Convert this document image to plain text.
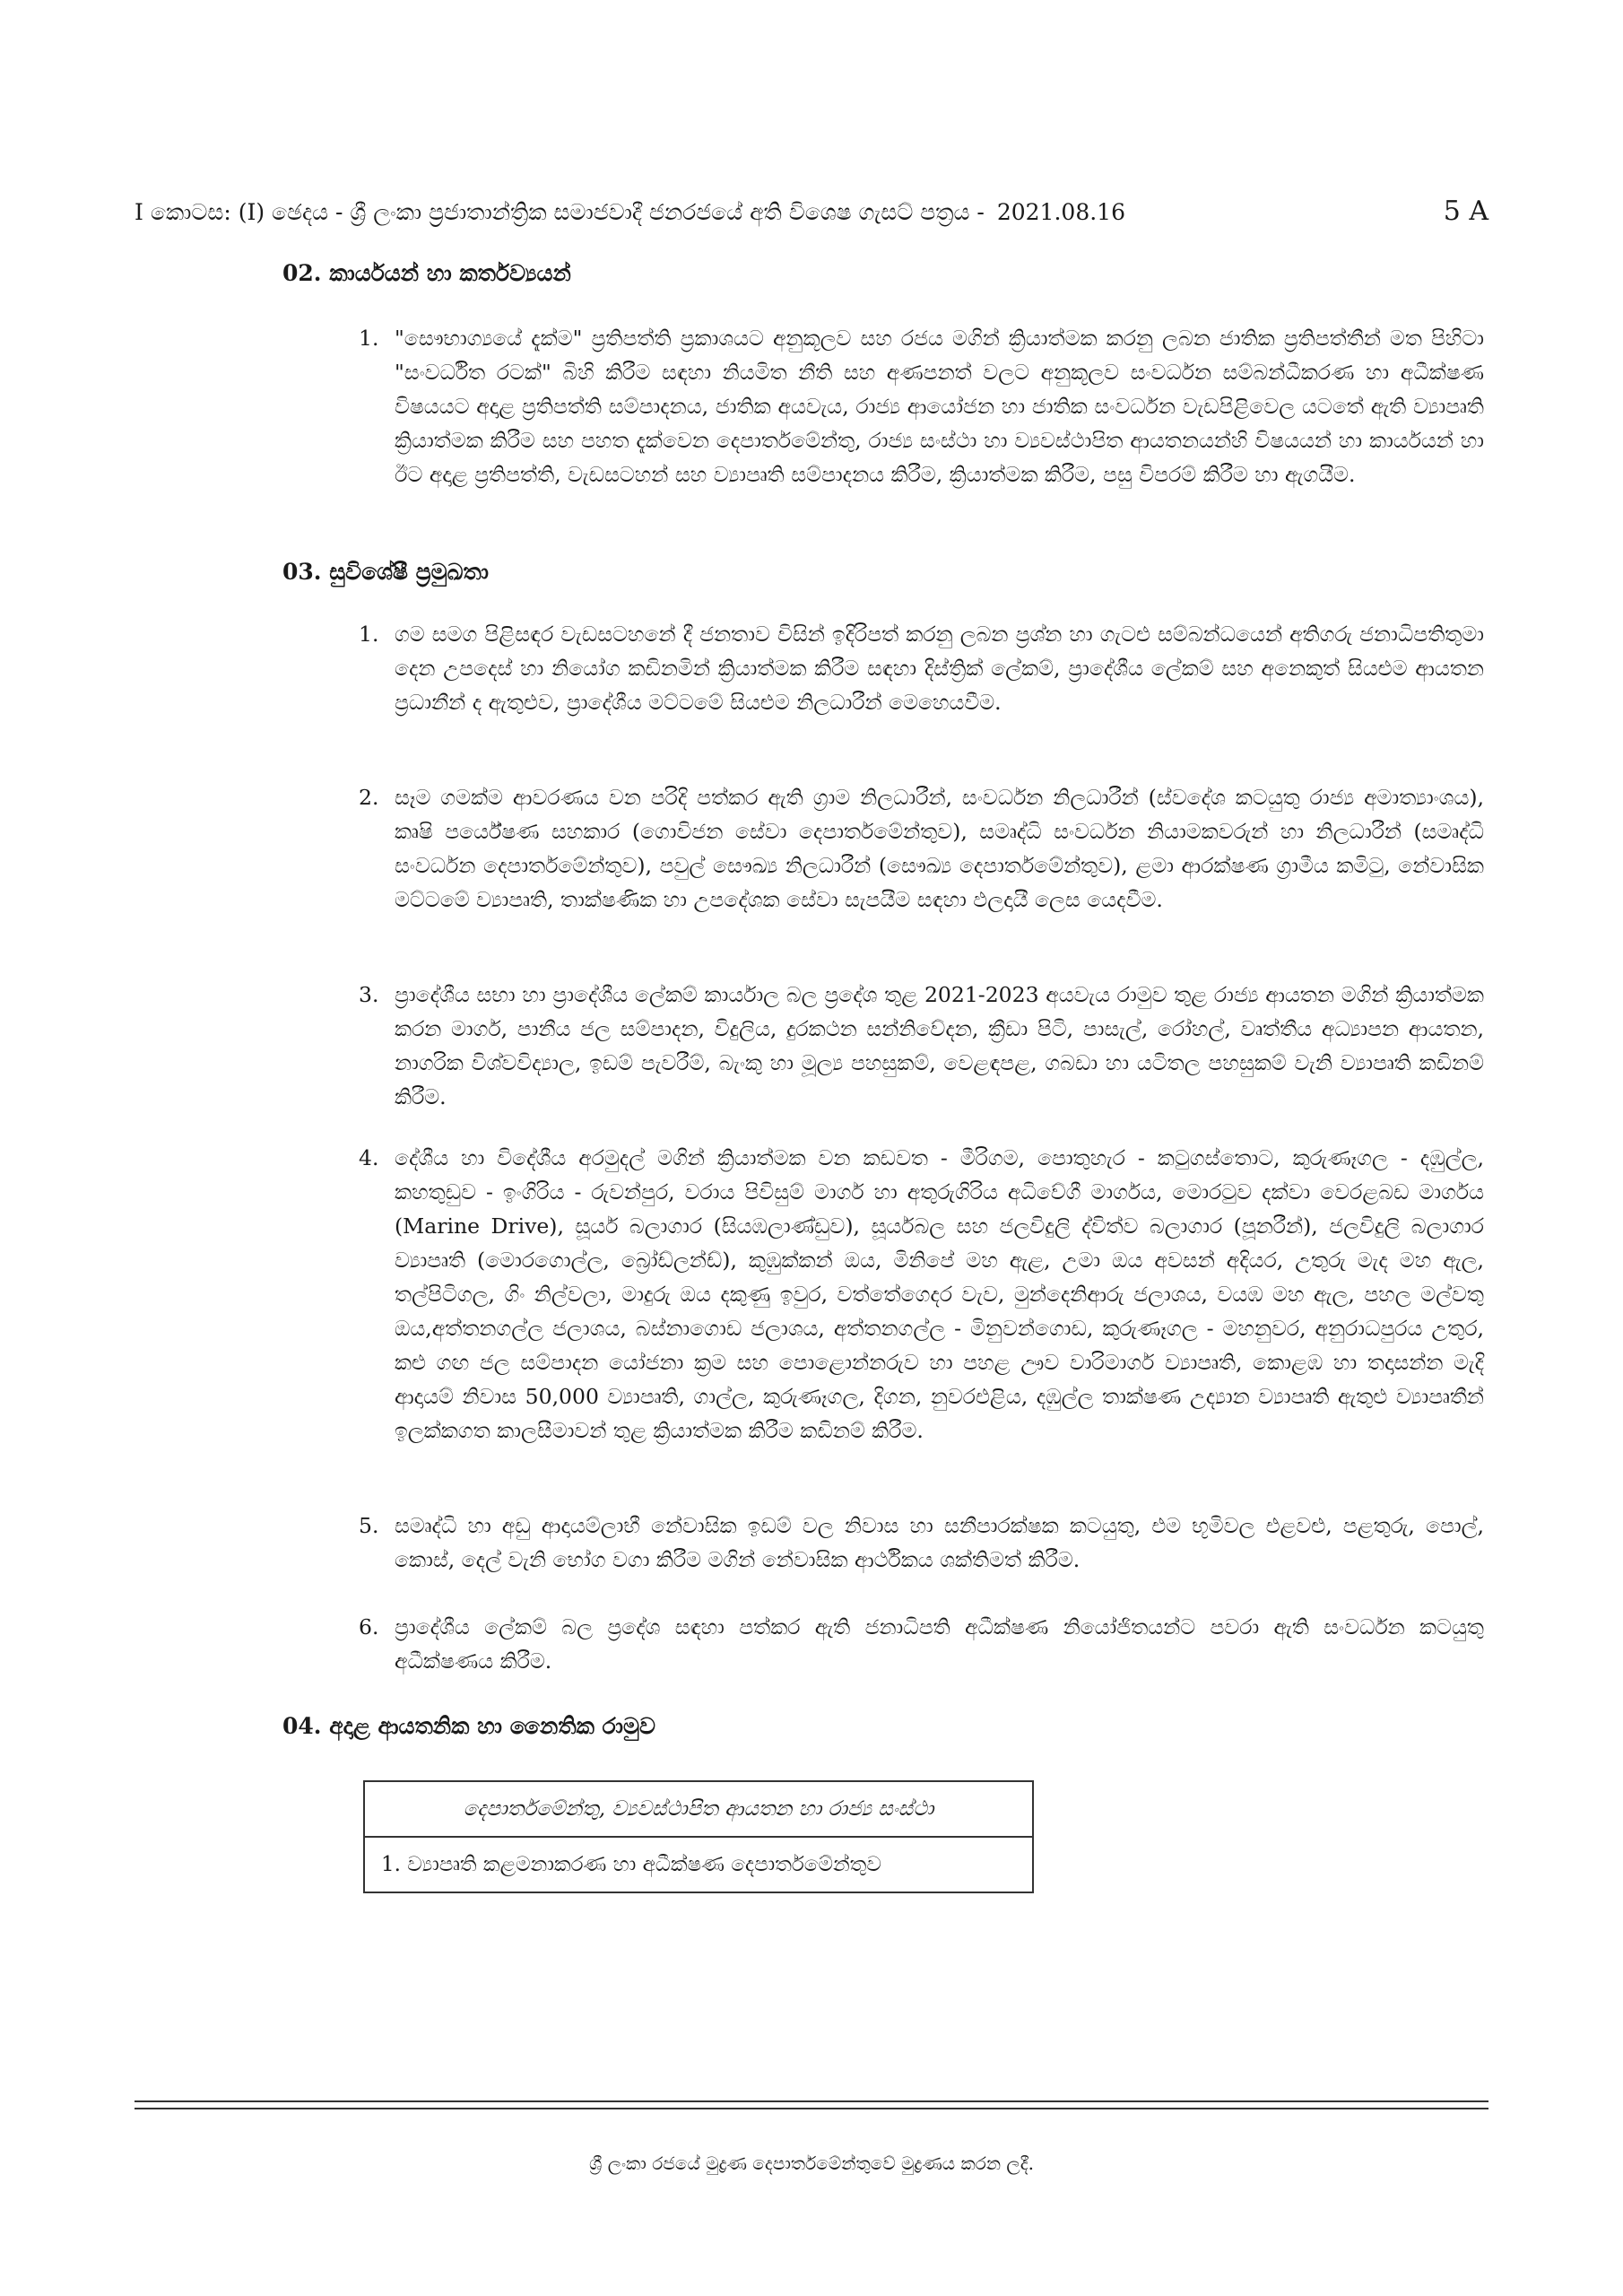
I කොටස: (I) ඡෙදය - ශ්‍රී ලංකා ප්‍රජාතාන්ත්‍රික සමාජවාදී ජනරජයේ අති විශෙෂ ගැසට් පත්‍රය - 2021.08.16	5 A
02. කාර්යයන් හා කර්තව්‍යයන්
1. "සෞභාග්‍යයේ දැක්ම" ප්‍රතිපත්ති ප්‍රකාශයට අනුකූලව සහ රජය මගින් ක්‍රියාත්මක කරනු ලබන ජාතික ප්‍රතිපත්තීන් මත පිහිටා "සංවර්ධිත රටක්" බිහි කිරීම සඳහා නියමිත නීති සහ අණපනත් වලට අනුකූලව සංවර්ධන සම්බන්ධීකරණ හා අධීක්ෂණ විෂයයට අදාළ ප්‍රතිපත්ති සම්පාදනය, ජාතික අයවැය, රාජ්‍ය ආයෝජන හා ජාතික සංවර්ධන වැඩපිළිවෙල යටතේ ඇති ව්‍යාපෘති ක්‍රියාත්මක කිරීම සහ පහත දැක්වෙන දෙපාර්තමේන්තු, රාජ්‍ය සංස්ථා හා ව්‍යවස්ථාපිත ආයතනයන්හි විෂයයන් හා කාර්යයන් හා ඊට අදාළ ප්‍රතිපත්ති, වැඩසටහන් සහ ව්‍යාපෘති සම්පාදනය කිරීම, ක්‍රියාත්මක කිරීම, පසු විපරම් කිරීම හා ඇගයීම.
03. සුවිශේෂී ප්‍රමුඛතා
1. ගම සමග පිළිසඳර වැඩසටහනේ දී ජනතාව විසින් ඉදිරිපත් කරනු ලබන ප්‍රශ්න හා ගැටළු සම්බන්ධයෙන් අතිගරු ජනාධිපතිතුමා දෙන උපදෙස් හා නියෝග කඩිනමින් ක්‍රියාත්මක කිරීම සඳහා දිස්ත්‍රික් ලේකම්, ප්‍රාදේශීය ලේකම් සහ අනෙකුත් සියළුම ආයතන ප්‍රධානීන් ද ඇතුළුව, ප්‍රාදේශීය මට්ටමේ සියළුම නිලධාරීන් මෙහෙයවීම.
2. සෑම ගමක්ම ආවරණය වන පරිදි පත්කර ඇති ග්‍රාම නිලධාරීන්, සංවර්ධන නිලධාරීන් (ස්වදේශ කටයුතු රාජ්‍ය අමාත්‍යාංශය), කෘෂි පර්යේෂණ සහකාර (ගොවිජන සේවා දෙපාර්තමේන්තුව), සමෘද්ධි සංවර්ධන නියාමකවරුන් හා නිලධාරීන් (සමෘද්ධි සංවර්ධන දෙපාර්තමේන්තුව), පවුල් සෞඛ්‍ය නිලධාරීන් (සෞඛ්‍ය දෙපාර්තමේන්තුව), ළමා ආරක්ෂණ ග්‍රාමීය කමිටු, නේවාසික මට්ටමේ ව්‍යාපෘති, තාක්ෂණික හා උපදේශක සේවා සැපයීම සඳහා ඵලදායී ලෙස යෙදවීම.
3. ප්‍රාදේශීය සභා හා ප්‍රාදේශීය ලේකම් කාර්යාල බල ප්‍රදේශ තුළ 2021-2023 අයවැය රාමුව තුළ රාජ්‍ය ආයතන මගින් ක්‍රියාත්මක කරන මාර්ග, පානීය ජල සම්පාදන, විදුලිය, දුරකථන සන්නිවේදන, ක්‍රීඩා පිටි, පාසැල්, රෝහල්, වෘත්තීය අධ්‍යාපන ආයතන, නාගරික විශ්වවිද්‍යාල, ඉඩම් පැවරීම්, බැංකු හා මූල්‍ය පහසුකම්, වෙළඳපළ, ගබඩා හා යටිතල පහසුකම් වැනි ව්‍යාපෘති කඩිනම් කිරීම.
4. දේශීය හා විදේශීය අරමුදල් මගින් ක්‍රියාත්මක වන කඩවත - මීරිගම, පොතුහැර - කටුගස්තොට, කුරුණෑගල - දඹුල්ල, කහතුඩුව - ඉංගිරිය - රුවන්පුර, වරාය පිවිසුම් මාර්ග හා අතුරුගිරිය අධිවේගී මාර්ගය, මොරටුව දක්වා වෙරළබඩ මාර්ගය (Marine Drive), සූර්ය බලාගාර (සියඹලාණ්ඩුව), සූර්යබල සහ ජලවිදුලි ද්විත්ව බලාගාර (පූනරීන්), ජලවිදුලි බලාගාර ව්‍යාපෘති (මොරගොල්ල, බ්‍රෝඩ්ලන්ඩ්), කුඹුක්කන් ඔය, මිනිපේ මහ ඇළ, උමා ඔය අවසන් අදියර, උතුරු මැද මහ ඇල, තල්පිටිගල, ගිං නිල්වලා, මාදුරු ඔය දකුණු ඉවුර, වත්තේගෙදර වැව, මුන්දෙනිආරු ජලාශය, වයඹ මහ ඇල, පහල මල්වතු ඔය,අත්තනගල්ල ජලාශය, බස්නාගොඩ ජලාශය, අත්තනගල්ල - මිනුවන්ගොඩ, කුරුණෑගල - මහනුවර, අනුරාධපුරය උතුර, කළු ගඟ ජල සම්පාදන යෝජනා ක්‍රම සහ පොළොන්නරුව හා පහළ ඌව වාරිමාර්ග ව්‍යාපෘති, කොළඹ හා තදාසන්න මැදි ආදායම් නිවාස 50,000 ව්‍යාපෘති, ගාල්ල, කුරුණෑගල, දිගන, නුවරඑළිය, දඹුල්ල තාක්ෂණ උද්‍යාන ව්‍යාපෘති ඇතුළු ව්‍යාපෘතීන් ඉලක්කගත කාලසීමාවන් තුළ ක්‍රියාත්මක කිරීම කඩිනම් කිරීම.
5. සමෘද්ධි හා අඩු ආදායම්ලාභී නේවාසික ඉඩම් වල නිවාස හා සනීපාරක්ෂක කටයුතු, එම භූමිවල එළවළු, පළතුරු, පොල්, කොස්, දෙල් වැනි භෝග වගා කිරීම මගින් නේවාසික ආර්ථිකය ශක්තිමත් කිරීම.
6. ප්‍රාදේශීය ලේකම් බල ප්‍රදේශ සඳහා පත්කර ඇති ජනාධිපති අධීක්ෂණ නියෝජිතයන්ට පවරා ඇති සංවර්ධන කටයුතු අධීක්ෂණය කිරීම.
04. අදාළ ආයතනික හා නෛතික රාමුව
දෙපාර්තමේන්තු, ව්‍යවස්ථාපිත ආයතන හා රාජ්‍ය සංස්ථා
1. ව්‍යාපෘති කළමනාකරණ හා අධීක්ෂණ දෙපාර්තමේන්තුව
ශ්‍රී ලංකා රජයේ මුද්‍රණ දෙපාර්තමේන්තුවේ මුද්‍රණය කරන ලදී.
